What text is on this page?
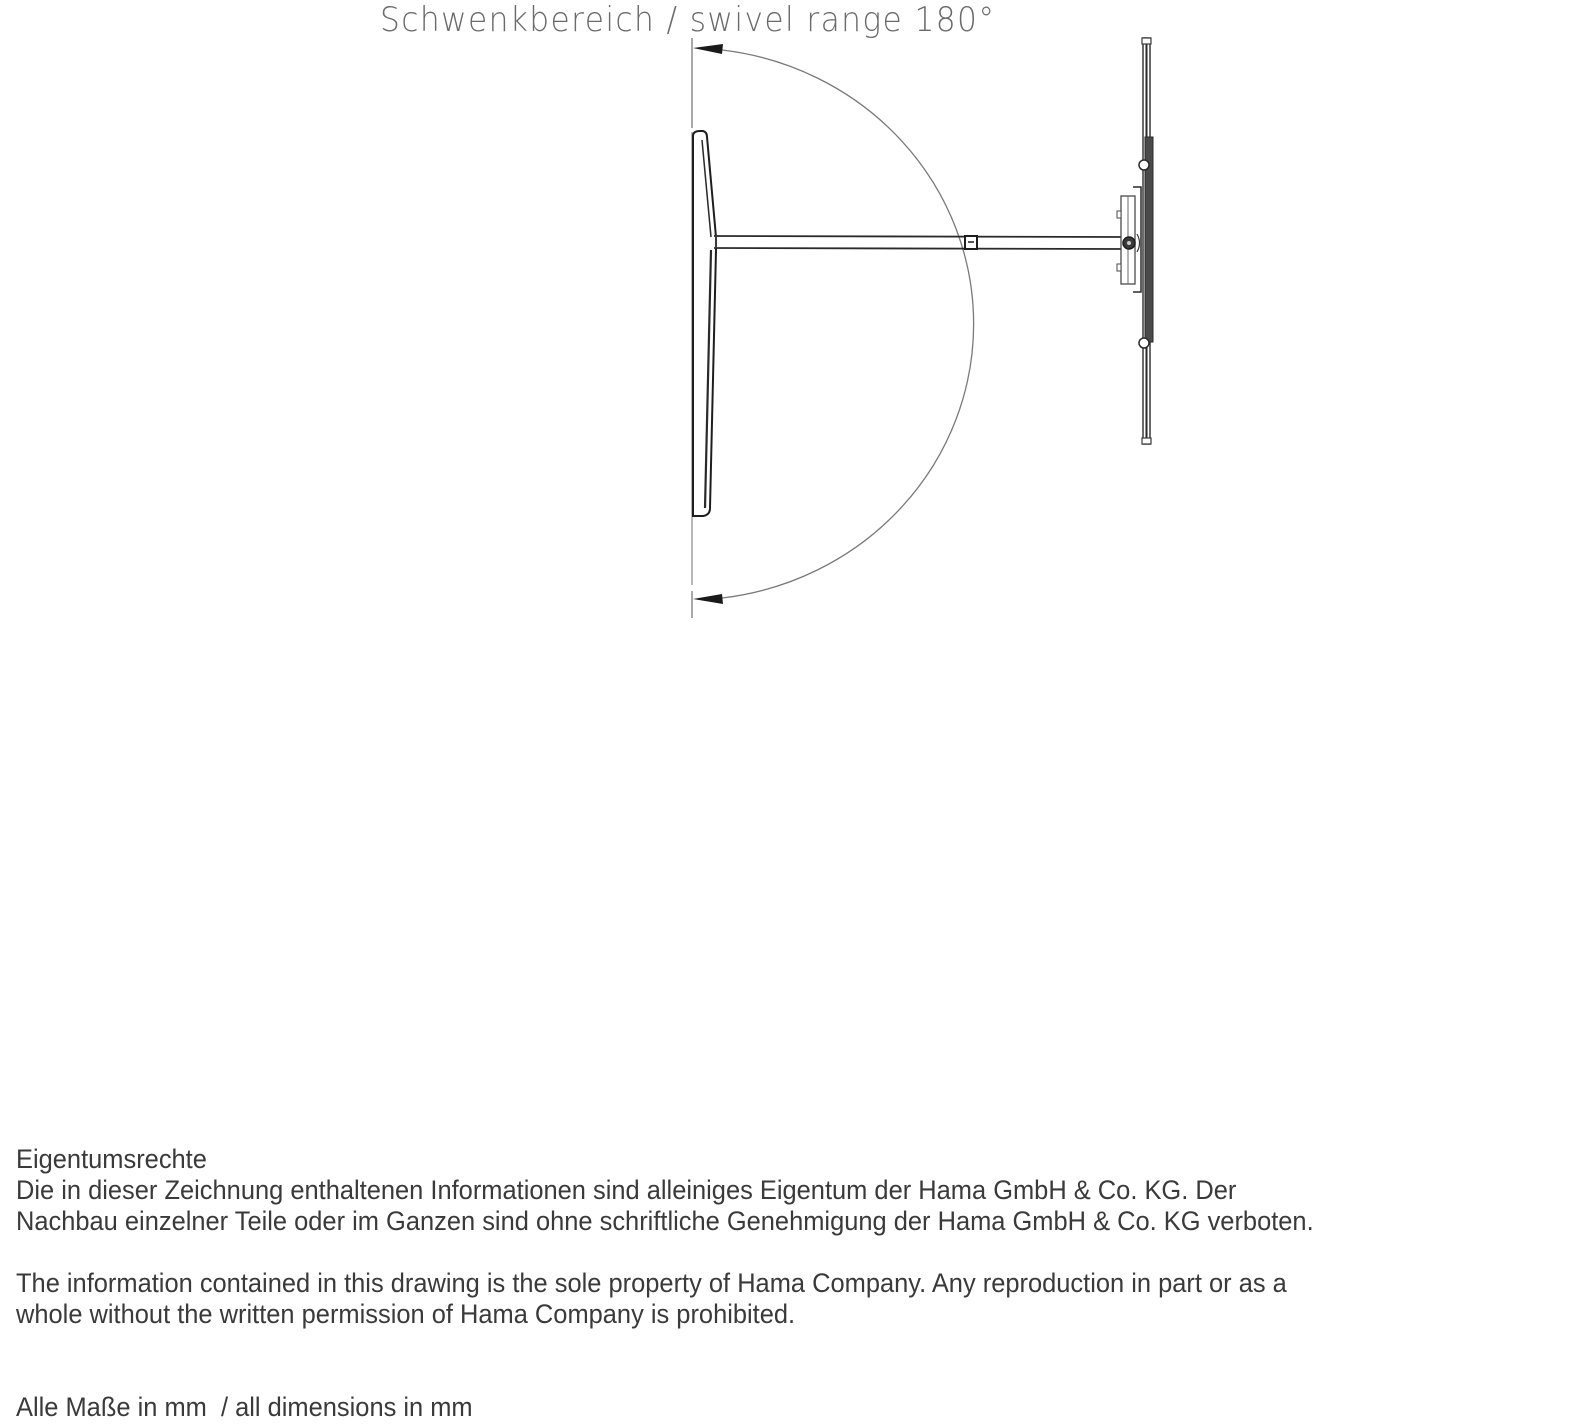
Schwenkbereich / swivel range 180°

Eigentumsrechte

Die in dieser Zeichnung enthaltenen Informationen sind alleiniges Eigentum der Hama GmbH & Co. KG. Der

Nachbau einzelner Teile oder im Ganzen sind ohne schriftliche Genehmigung der Hama GmbH & Co. KG verboten.

The information contained in this drawing is the sole property of Hama Company. Any reproduction in part or as a

whole without the written permission of Hama Company is prohibited.

Alle Maße in mm  / all dimensions in mm
